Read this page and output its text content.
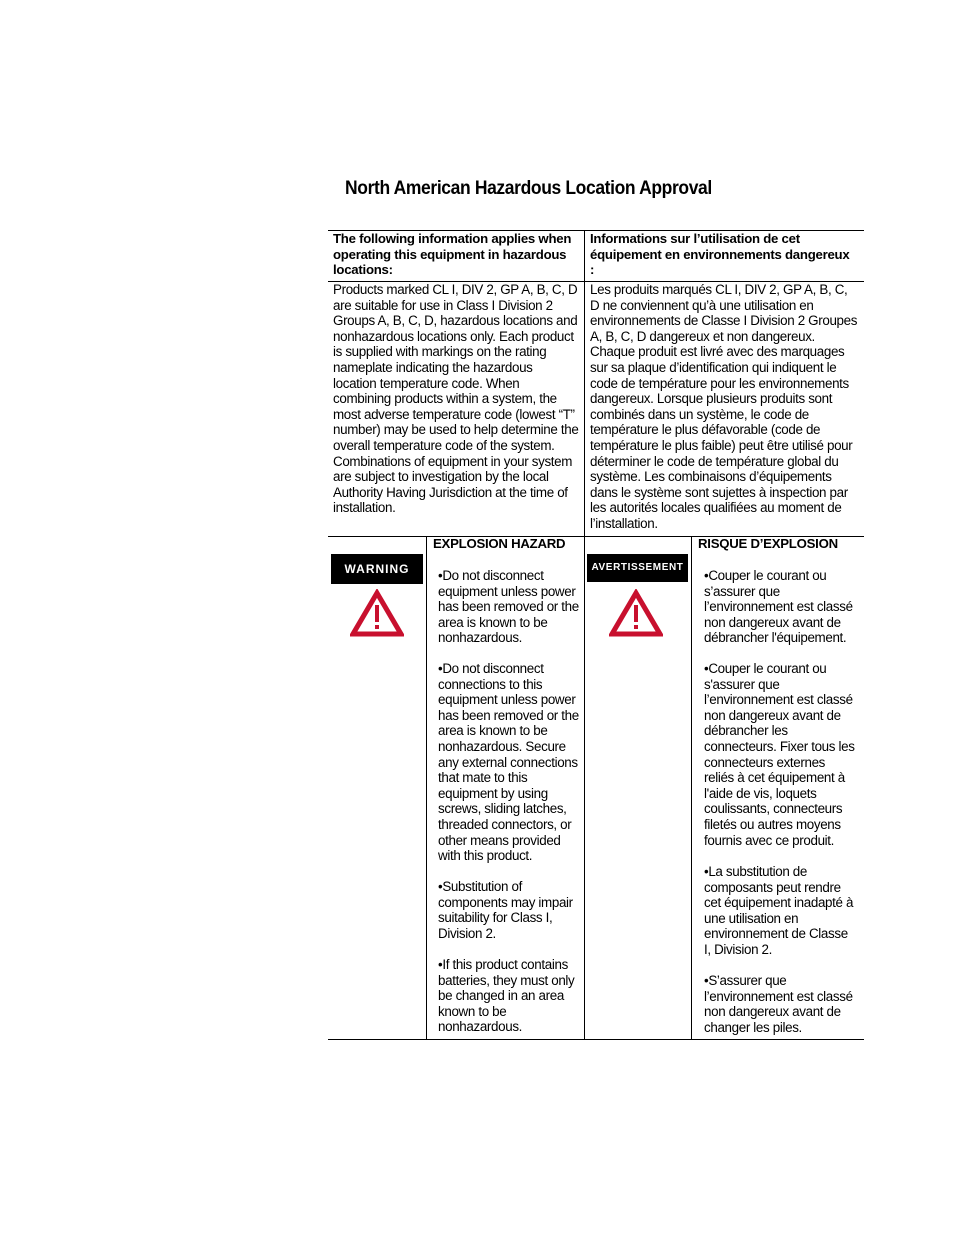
North American Hazardous Location Approval
The following information applies when operating this equipment in hazardous locations:
Informations sur l’utilisation de cet équipement en environnements dangereux :
Products marked CL I, DIV 2, GP A, B, C, D are suitable for use in Class I Division 2 Groups A, B, C, D, hazardous locations and nonhazardous locations only. Each product is supplied with markings on the rating nameplate indicating the hazardous location temperature code. When combining products within a system, the most adverse temperature code (lowest “T” number) may be used to help determine the overall temperature code of the system. Combinations of equipment in your system are subject to investigation by the local Authority Having Jurisdiction at the time of installation.
Les produits marqués CL I, DIV 2, GP A, B, C, D ne conviennent qu’à une utilisation en environnements de Classe I Division 2 Groupes A, B, C, D dangereux et non dangereux. Chaque produit est livré avec des marquages sur sa plaque d’identification qui indiquent le code de température pour les environnements dangereux. Lorsque plusieurs produits sont combinés dans un système, le code de température le plus défavorable (code de température le plus faible) peut être utilisé pour déterminer le code de température global du système. Les combinaisons d’équipements dans le système sont sujettes à inspection par les autorités locales qualifiées au moment de l’installation.
WARNING
EXPLOSION HAZARD
•Do not disconnect equipment unless power has been removed or the area is known to be nonhazardous.
•Do not disconnect connections to this equipment unless power has been removed or the area is known to be nonhazardous. Secure any external connections that mate to this equipment by using screws, sliding latches, threaded connectors, or other means provided with this product.
•Substitution of components may impair suitability for Class I, Division 2.
•If this product contains batteries, they must only be changed in an area known to be nonhazardous.
AVERTISSEMENT
RISQUE D’EXPLOSION
•Couper le courant ou s’assurer que l’environnement est classé non dangereux avant de débrancher l'équipement.
•Couper le courant ou s'assurer que l’environnement est classé non dangereux avant de débrancher les connecteurs. Fixer tous les connecteurs externes reliés à cet équipement à l'aide de vis, loquets coulissants, connecteurs filetés ou autres moyens fournis avec ce produit.
•La substitution de composants peut rendre cet équipement inadapté à une utilisation en environnement de Classe I, Division 2.
•S’assurer que l’environnement est classé non dangereux avant de changer les piles.
